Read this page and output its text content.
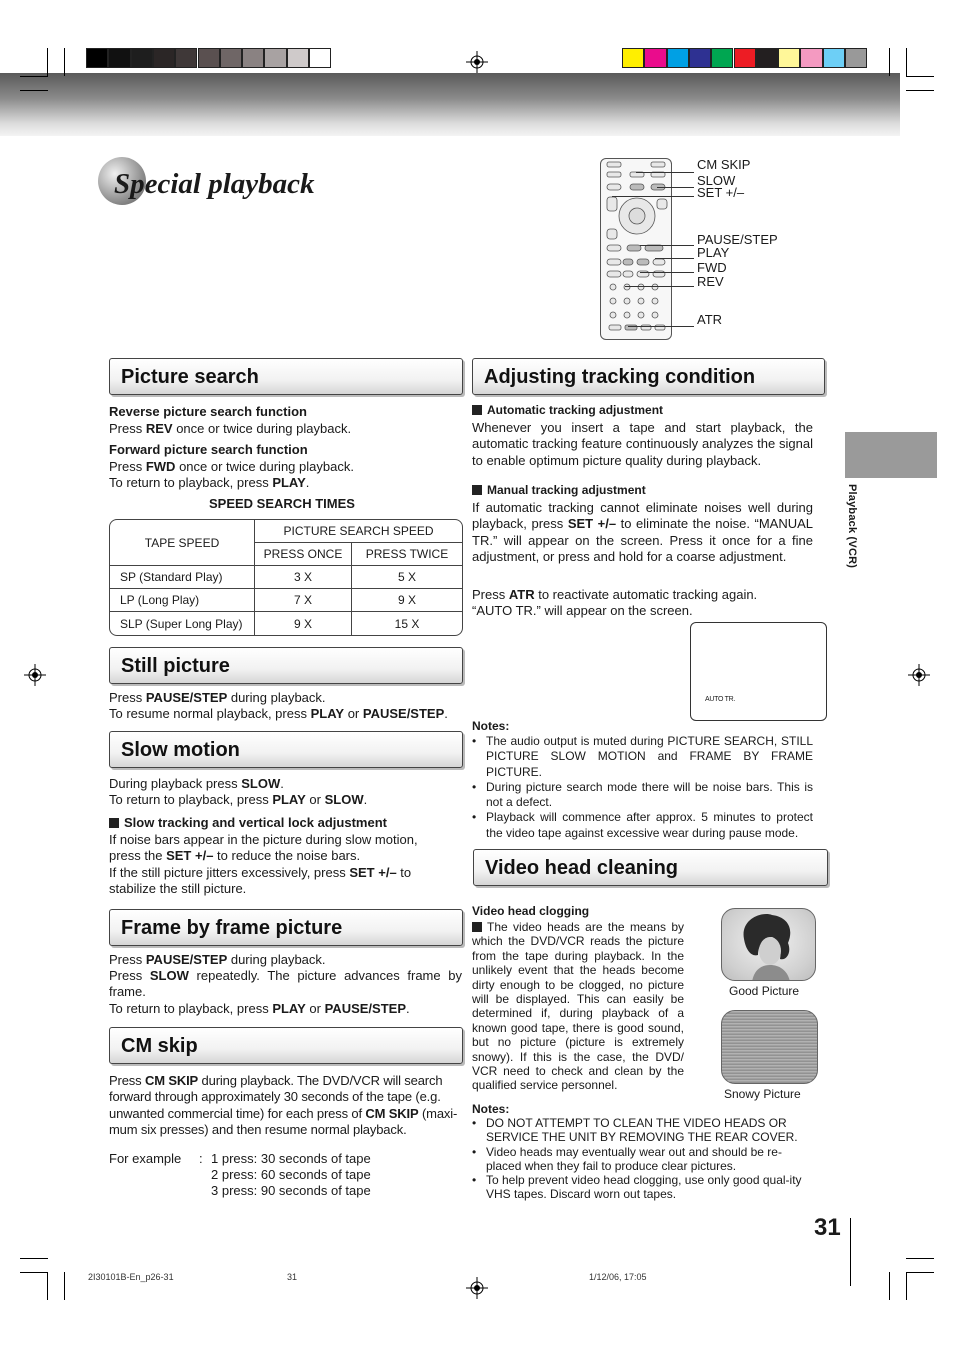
Special playback
CM SKIP
SLOW
SET +/–
PAUSE/STEP
PLAY
FWD
REV
ATR
Picture search
Reverse picture search function
Press REV once or twice during playback.
Forward picture search function
Press FWD once or twice during playback.
To return to playback, press PLAY.
SPEED SEARCH TIMES
TAPE SPEED	PICTURE SEARCH SPEED	
	PRESS ONCE	PRESS TWICE
SP (Standard Play)	3 X	5 X
LP (Long Play)	7 X	9 X
SLP (Super Long Play)	9 X	15 X
Still picture
Press PAUSE/STEP during playback.
To resume normal playback, press PLAY or PAUSE/STEP.
Slow motion
During playback press SLOW.
To return to playback, press PLAY or SLOW.
Slow tracking and vertical lock adjustment
If noise bars appear in the picture during slow motion, press the SET +/– to reduce the noise bars.
If the still picture jitters excessively, press SET +/– to stabilize the still picture.
Frame by frame picture
Press PAUSE/STEP during playback.
Press SLOW repeatedly. The picture advances frame by frame.
To return to playback, press PLAY or PAUSE/STEP.
CM skip
Press CM SKIP during playback. The DVD/VCR will search forward through approximately 30 seconds of the tape (e.g. unwanted commercial time) for each press of CM SKIP (maxi-mum six presses) and then resume normal playback.
For example : 1 press: 30 seconds of tape
2 press: 60 seconds of tape
3 press: 90 seconds of tape
Adjusting tracking condition
Automatic tracking adjustment
Whenever you insert a tape and start playback, the automatic tracking feature continuously analyzes the signal to enable optimum picture quality during playback.
Manual tracking adjustment
If automatic tracking cannot eliminate noises well during playback, press SET +/– to eliminate the noise. “MANUAL TR.” will appear on the screen. Press it once for a fine adjustment, or press and hold for a coarse adjustment.
Press ATR to reactivate automatic tracking again. “AUTO TR.” will appear on the screen.
AUTO TR.
Notes:
• The audio output is muted during PICTURE SEARCH, STILL PICTURE SLOW MOTION and FRAME BY FRAME PICTURE.
• During picture search mode there will be noise bars. This is not a defect.
• Playback will commence after approx. 5 minutes to protect the video tape against excessive wear during pause mode.
Video head cleaning
Video head clogging
The video heads are the means by which the DVD/VCR reads the picture from the tape during playback. In the unlikely event that the heads become dirty enough to be clogged, no picture will be displayed. This can easily be determined if, during playback of a known good tape, there is good sound, but no picture (picture is extremely snowy). If this is the case, the DVD/ VCR need to check and clean by the qualified service personnel.
Good Picture
Snowy Picture
Notes:
• DO NOT ATTEMPT TO CLEAN THE VIDEO HEADS OR SERVICE THE UNIT BY REMOVING THE REAR COVER.
• Video heads may eventually wear out and should be re-placed when they fail to produce clear pictures.
• To help prevent video head clogging, use only good qual-ity VHS tapes. Discard worn out tapes.
Playback (VCR)
31
2I30101B-En_p26-31	31	1/12/06, 17:05
